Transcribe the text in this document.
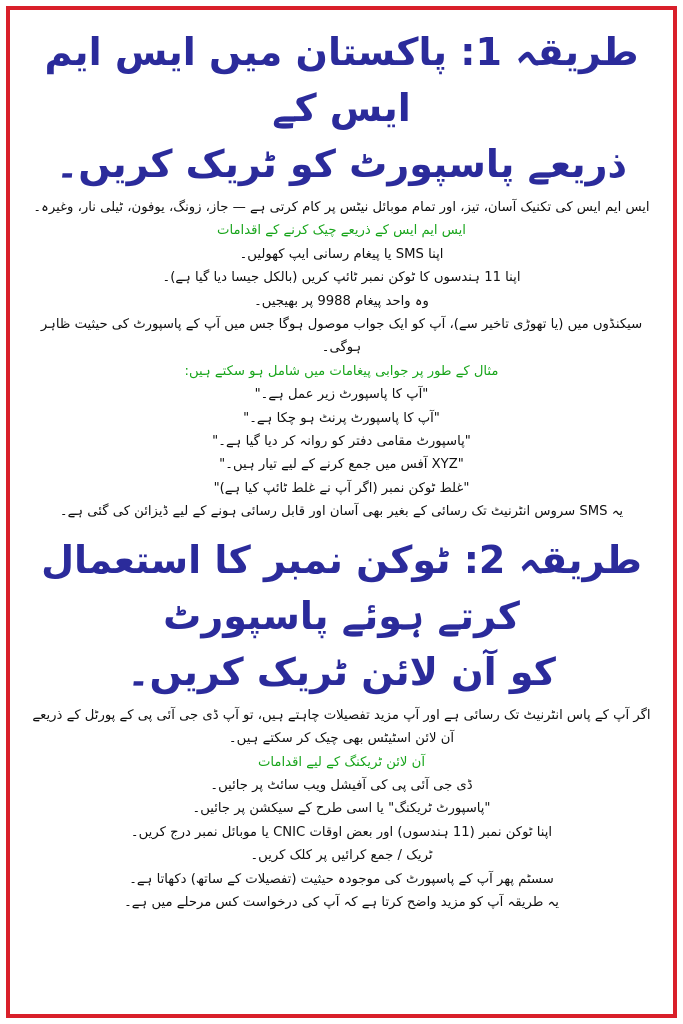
طریقہ 1: پاکستان میں ایس ایم ایس کے
ذریعے پاسپورٹ کو ٹریک کریں۔

ایس ایم ایس کی تکنیک آسان، تیز، اور تمام موبائل نیٹس پر کام کرتی ہے — جاز، زونگ، یوفون، ٹیلی نار، وغیرہ۔

ایس ایم ایس کے ذریعے چیک کرنے کے اقدامات

اپنا SMS یا پیغام رسانی ایپ کھولیں۔

اپنا 11 ہندسوں کا ٹوکن نمبر ٹائپ کریں (بالکل جیسا دیا گیا ہے)۔

وہ واحد پیغام 9988 پر بھیجیں۔

سیکنڈوں میں (یا تھوڑی تاخیر سے)، آپ کو ایک جواب موصول ہوگا جس میں آپ کے پاسپورٹ کی حیثیت ظاہر ہوگی۔

مثال کے طور پر جوابی پیغامات میں شامل ہو سکتے ہیں:

"آپ کا پاسپورٹ زیر عمل ہے۔"

"آپ کا پاسپورٹ پرنٹ ہو چکا ہے۔"

"پاسپورٹ مقامی دفتر کو روانہ کر دیا گیا ہے۔"

"XYZ آفس میں جمع کرنے کے لیے تیار ہیں۔"

"غلط ٹوکن نمبر (اگر آپ نے غلط ٹائپ کیا ہے)"

یہ SMS سروس انٹرنیٹ تک رسائی کے بغیر بھی آسان اور قابل رسائی ہونے کے لیے ڈیزائن کی گئی ہے۔

طریقہ 2: ٹوکن نمبر کا استعمال کرتے ہوئے پاسپورٹ
کو آن لائن ٹریک کریں۔

اگر آپ کے پاس انٹرنیٹ تک رسائی ہے اور آپ مزید تفصیلات چاہتے ہیں، تو آپ ڈی جی آئی پی کے پورٹل کے ذریعے آن لائن اسٹیٹس بھی چیک کر سکتے ہیں۔

آن لائن ٹریکنگ کے لیے اقدامات

ڈی جی آئی پی کی آفیشل ویب سائٹ پر جائیں۔

"پاسپورٹ ٹریکنگ" یا اسی طرح کے سیکشن پر جائیں۔

اپنا ٹوکن نمبر (11 ہندسوں) اور بعض اوقات CNIC یا موبائل نمبر درج کریں۔

ٹریک / جمع کرائیں پر کلک کریں۔

سسٹم پھر آپ کے پاسپورٹ کی موجودہ حیثیت (تفصیلات کے ساتھ) دکھاتا ہے۔

یہ طریقہ آپ کو مزید واضح کرتا ہے کہ آپ کی درخواست کس مرحلے میں ہے۔
